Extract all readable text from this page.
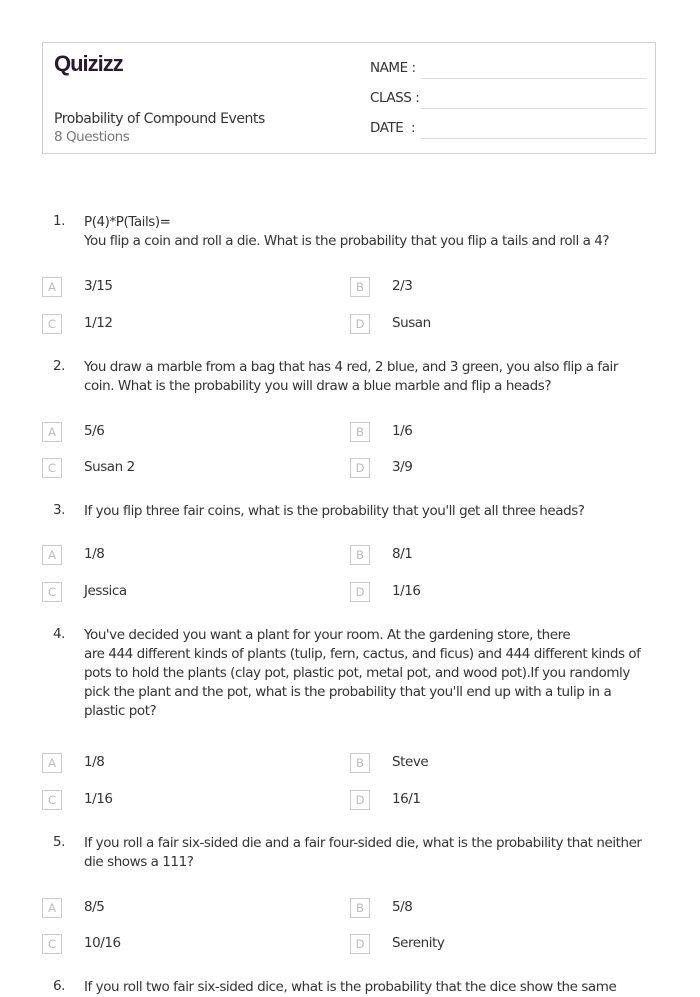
Quizizz
Probability of Compound Events
8 Questions
NAME :
CLASS :
DATE  :
1. P(4)*P(Tails)=
You flip a coin and roll a die. What is the probability that you flip a tails and roll a 4?
A	3/15	B	2/3
C	1/12	D	Susan
2. You draw a marble from a bag that has 4 red, 2 blue, and 3 green, you also flip a fair
coin. What is the probability you will draw a blue marble and flip a heads?
A	5/6	B	1/6
C	Susan 2	D	3/9
3. If you flip three fair coins, what is the probability that you'll get all three heads?
A	1/8	B	8/1
C	Jessica	D	1/16
4. You've decided you want a plant for your room. At the gardening store, there
are 444 different kinds of plants (tulip, fern, cactus, and ficus) and 444 different kinds of
pots to hold the plants (clay pot, plastic pot, metal pot, and wood pot).If you randomly
pick the plant and the pot, what is the probability that you'll end up with a tulip in a
plastic pot?
A	1/8	B	Steve
C	1/16	D	16/1
5. If you roll a fair six-sided die and a fair four-sided die, what is the probability that neither
die shows a 111?
A	8/5	B	5/8
C	10/16	D	Serenity
6. If you roll two fair six-sided dice, what is the probability that the dice show the same
